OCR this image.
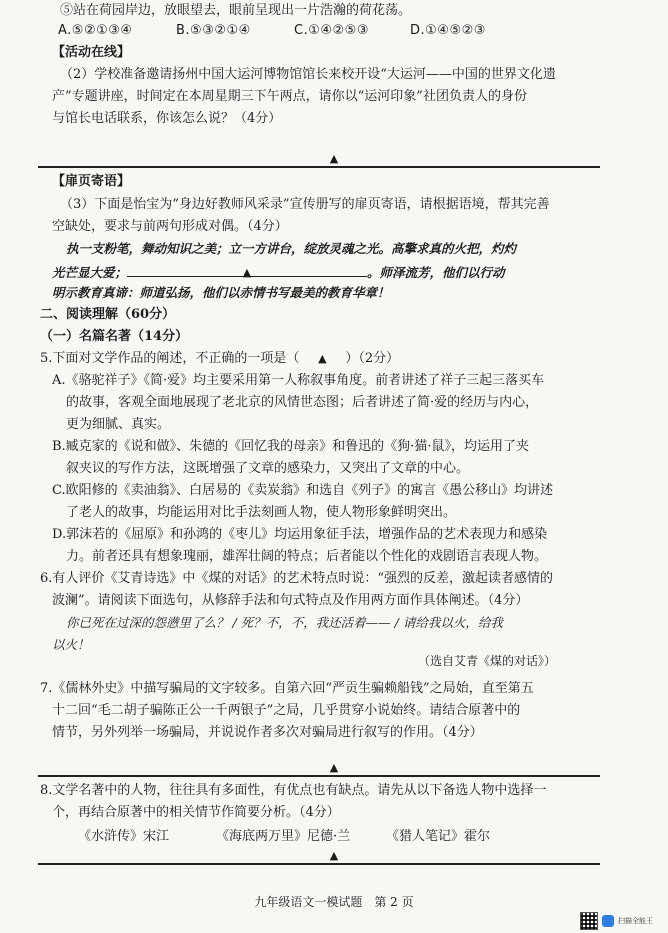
⑤站在荷园岸边，放眼望去，眼前呈现出一片浩瀚的荷花荡。
A.⑤②①③④	B.⑤③②①④	C.①④②⑤③	D.①④⑤②③
【活动在线】
（2）学校准备邀请扬州中国大运河博物馆馆长来校开设“大运河——中国的世界文化遗
产”专题讲座，时间定在本周星期三下午两点，请你以“运河印象”社团负责人的身份
与馆长电话联系，你该怎么说？（4分）
▲
【扉页寄语】
（3）下面是怡宝为“身边好教师风采录”宣传册写的扉页寄语，请根据语境，帮其完善
空缺处，要求与前两句形成对偶。（4分）
执一支粉笔，舞动知识之美；立一方讲台，绽放灵魂之光。高擎求真的火把，灼灼
光芒显大爱；	▲	。师泽流芳，他们以行动
明示教育真谛：师道弘扬，他们以赤情书写最美的教育华章！
二、阅读理解（60分）
（一）名篇名著（14分）
5.下面对文学作品的阐述，不正确的一项是（ ▲ ）（2分）
A.《骆驼祥子》《简·爱》均主要采用第一人称叙事角度。前者讲述了祥子三起三落买车
的故事，客观全面地展现了老北京的风情世态图；后者讲述了简·爱的经历与内心，
更为细腻、真实。
B.臧克家的《说和做》、朱德的《回忆我的母亲》和鲁迅的《狗·猫·鼠》，均运用了夹
叙夹议的写作方法，这既增强了文章的感染力，又突出了文章的中心。
C.欧阳修的《卖油翁》、白居易的《卖炭翁》和选自《列子》的寓言《愚公移山》均讲述
了老人的故事，均能运用对比手法刻画人物，使人物形象鲜明突出。
D.郭沫若的《屈原》和孙鸿的《枣儿》均运用象征手法，增强作品的艺术表现力和感染
力。前者还具有想象瑰丽，雄浑壮阔的特点；后者能以个性化的戏剧语言表现人物。
6.有人评价《艾青诗选》中《煤的对话》的艺术特点时说：“强烈的反差，激起读者感情的
波澜”。请阅读下面选句，从修辞手法和句式特点及作用两方面作具体阐述。（4分）
你已死在过深的怨懑里了么？ / 死？不，不，我还活着—— / 请给我以火，给我
以火！
（选自艾青《煤的对话》）
7.《儒林外史》中描写骗局的文字较多。自第六回“严贡生骗赖船钱”之局始，直至第五
十二回“毛二胡子骗陈正公一千两银子”之局，几乎贯穿小说始终。请结合原著中的
情节，另外列举一场骗局，并说说作者多次对骗局进行叙写的作用。（4分）
▲
8.文学名著中的人物，往往具有多面性，有优点也有缺点。请先从以下备选人物中选择一
个，再结合原著中的相关情节作简要分析。（4分）
《水浒传》宋江	《海底两万里》尼德·兰	《猎人笔记》霍尔
▲
九年级语文一模试题　第 2 页
扫描全能王
